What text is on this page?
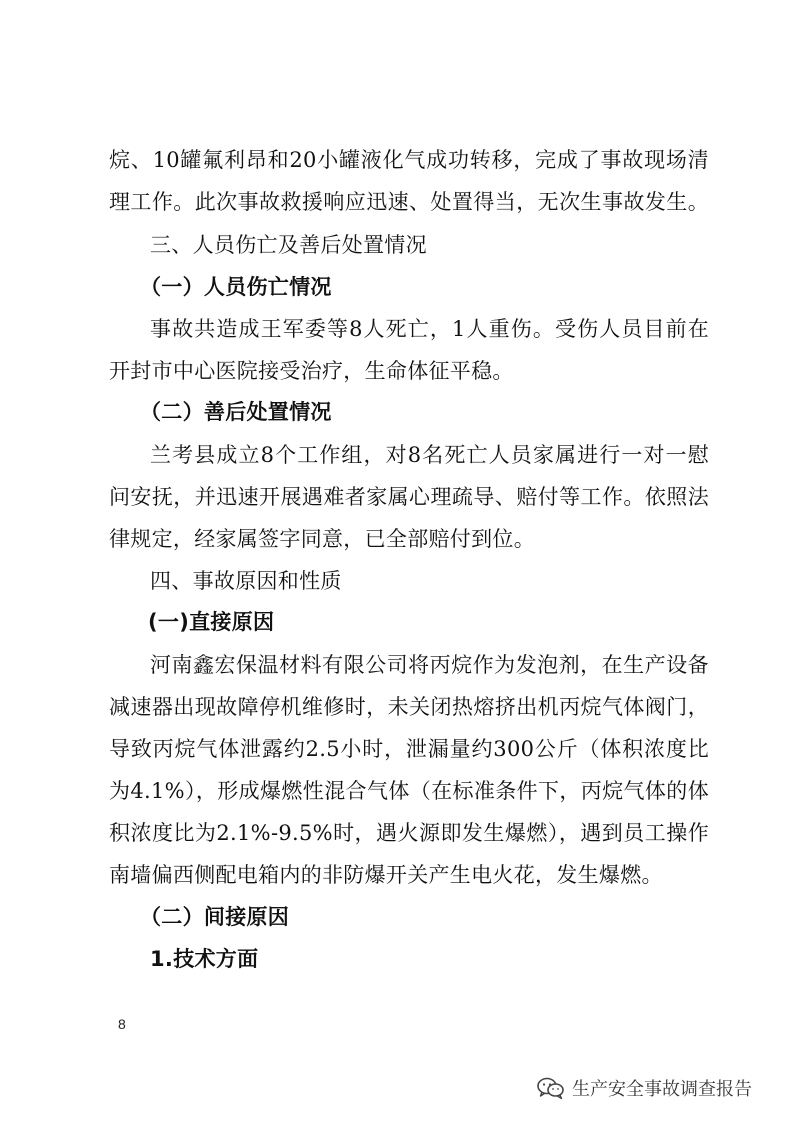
烷、10罐氟利昂和20小罐液化气成功转移，完成了事故现场清
理工作。此次事故救援响应迅速、处置得当，无次生事故发生。
三、人员伤亡及善后处置情况
（一）人员伤亡情况
事故共造成王军委等8人死亡，1人重伤。受伤人员目前在
开封市中心医院接受治疗，生命体征平稳。
（二）善后处置情况
兰考县成立8个工作组，对8名死亡人员家属进行一对一慰
问安抚，并迅速开展遇难者家属心理疏导、赔付等工作。依照法
律规定，经家属签字同意，已全部赔付到位。
四、事故原因和性质
(一)直接原因
河南鑫宏保温材料有限公司将丙烷作为发泡剂，在生产设备
减速器出现故障停机维修时，未关闭热熔挤出机丙烷气体阀门，
导致丙烷气体泄露约2.5小时，泄漏量约300公斤（体积浓度比
为4.1%），形成爆燃性混合气体（在标准条件下，丙烷气体的体
积浓度比为2.1%-9.5%时，遇火源即发生爆燃），遇到员工操作
南墙偏西侧配电箱内的非防爆开关产生电火花，发生爆燃。
（二）间接原因
1.技术方面
8
生产安全事故调查报告
